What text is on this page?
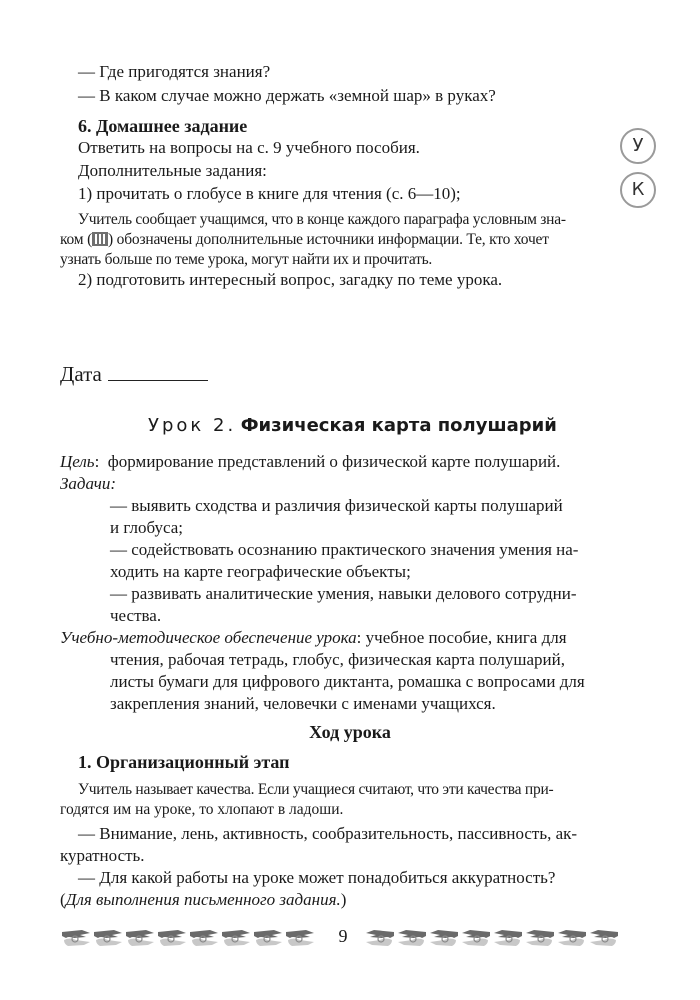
— Где пригодятся знания?
— В каком случае можно держать «земной шар» в руках?
6. Домашнее задание
Ответить на вопросы на с. 9 учебного пособия.
Дополнительные задания:
1) прочитать о глобусе в книге для чтения (с. 6—10);
У
К
Учитель сообщает учащимся, что в конце каждого параграфа условным зна-
ком ( ) обозначены дополнительные источники информации. Те, кто хочет
узнать больше по теме урока, могут найти их и прочитать.
2) подготовить интересный вопрос, загадку по теме урока.
Дата
Урок 2. Физическая карта полушарий
Цель:  формирование представлений о физической карте полушарий.
Задачи:
— выявить сходства и различия физической карты полушарий
и глобуса;
— содействовать осознанию практического значения умения на-
ходить на карте географические объекты;
— развивать аналитические умения, навыки делового сотрудни-
чества.
Учебно-методическое обеспечение урока: учебное пособие, книга для
чтения, рабочая тетрадь, глобус, физическая карта полушарий,
листы бумаги для цифрового диктанта, ромашка с вопросами для
закрепления знаний, человечки с именами учащихся.
Ход урока
1. Организационный этап
Учитель называет качества. Если учащиеся считают, что эти качества при-
годятся им на уроке, то хлопают в ладоши.
— Внимание, лень, активность, сообразительность, пассивность, ак-
куратность.
— Для какой работы на уроке может понадобиться аккуратность?
(Для выполнения письменного задания.)
9
